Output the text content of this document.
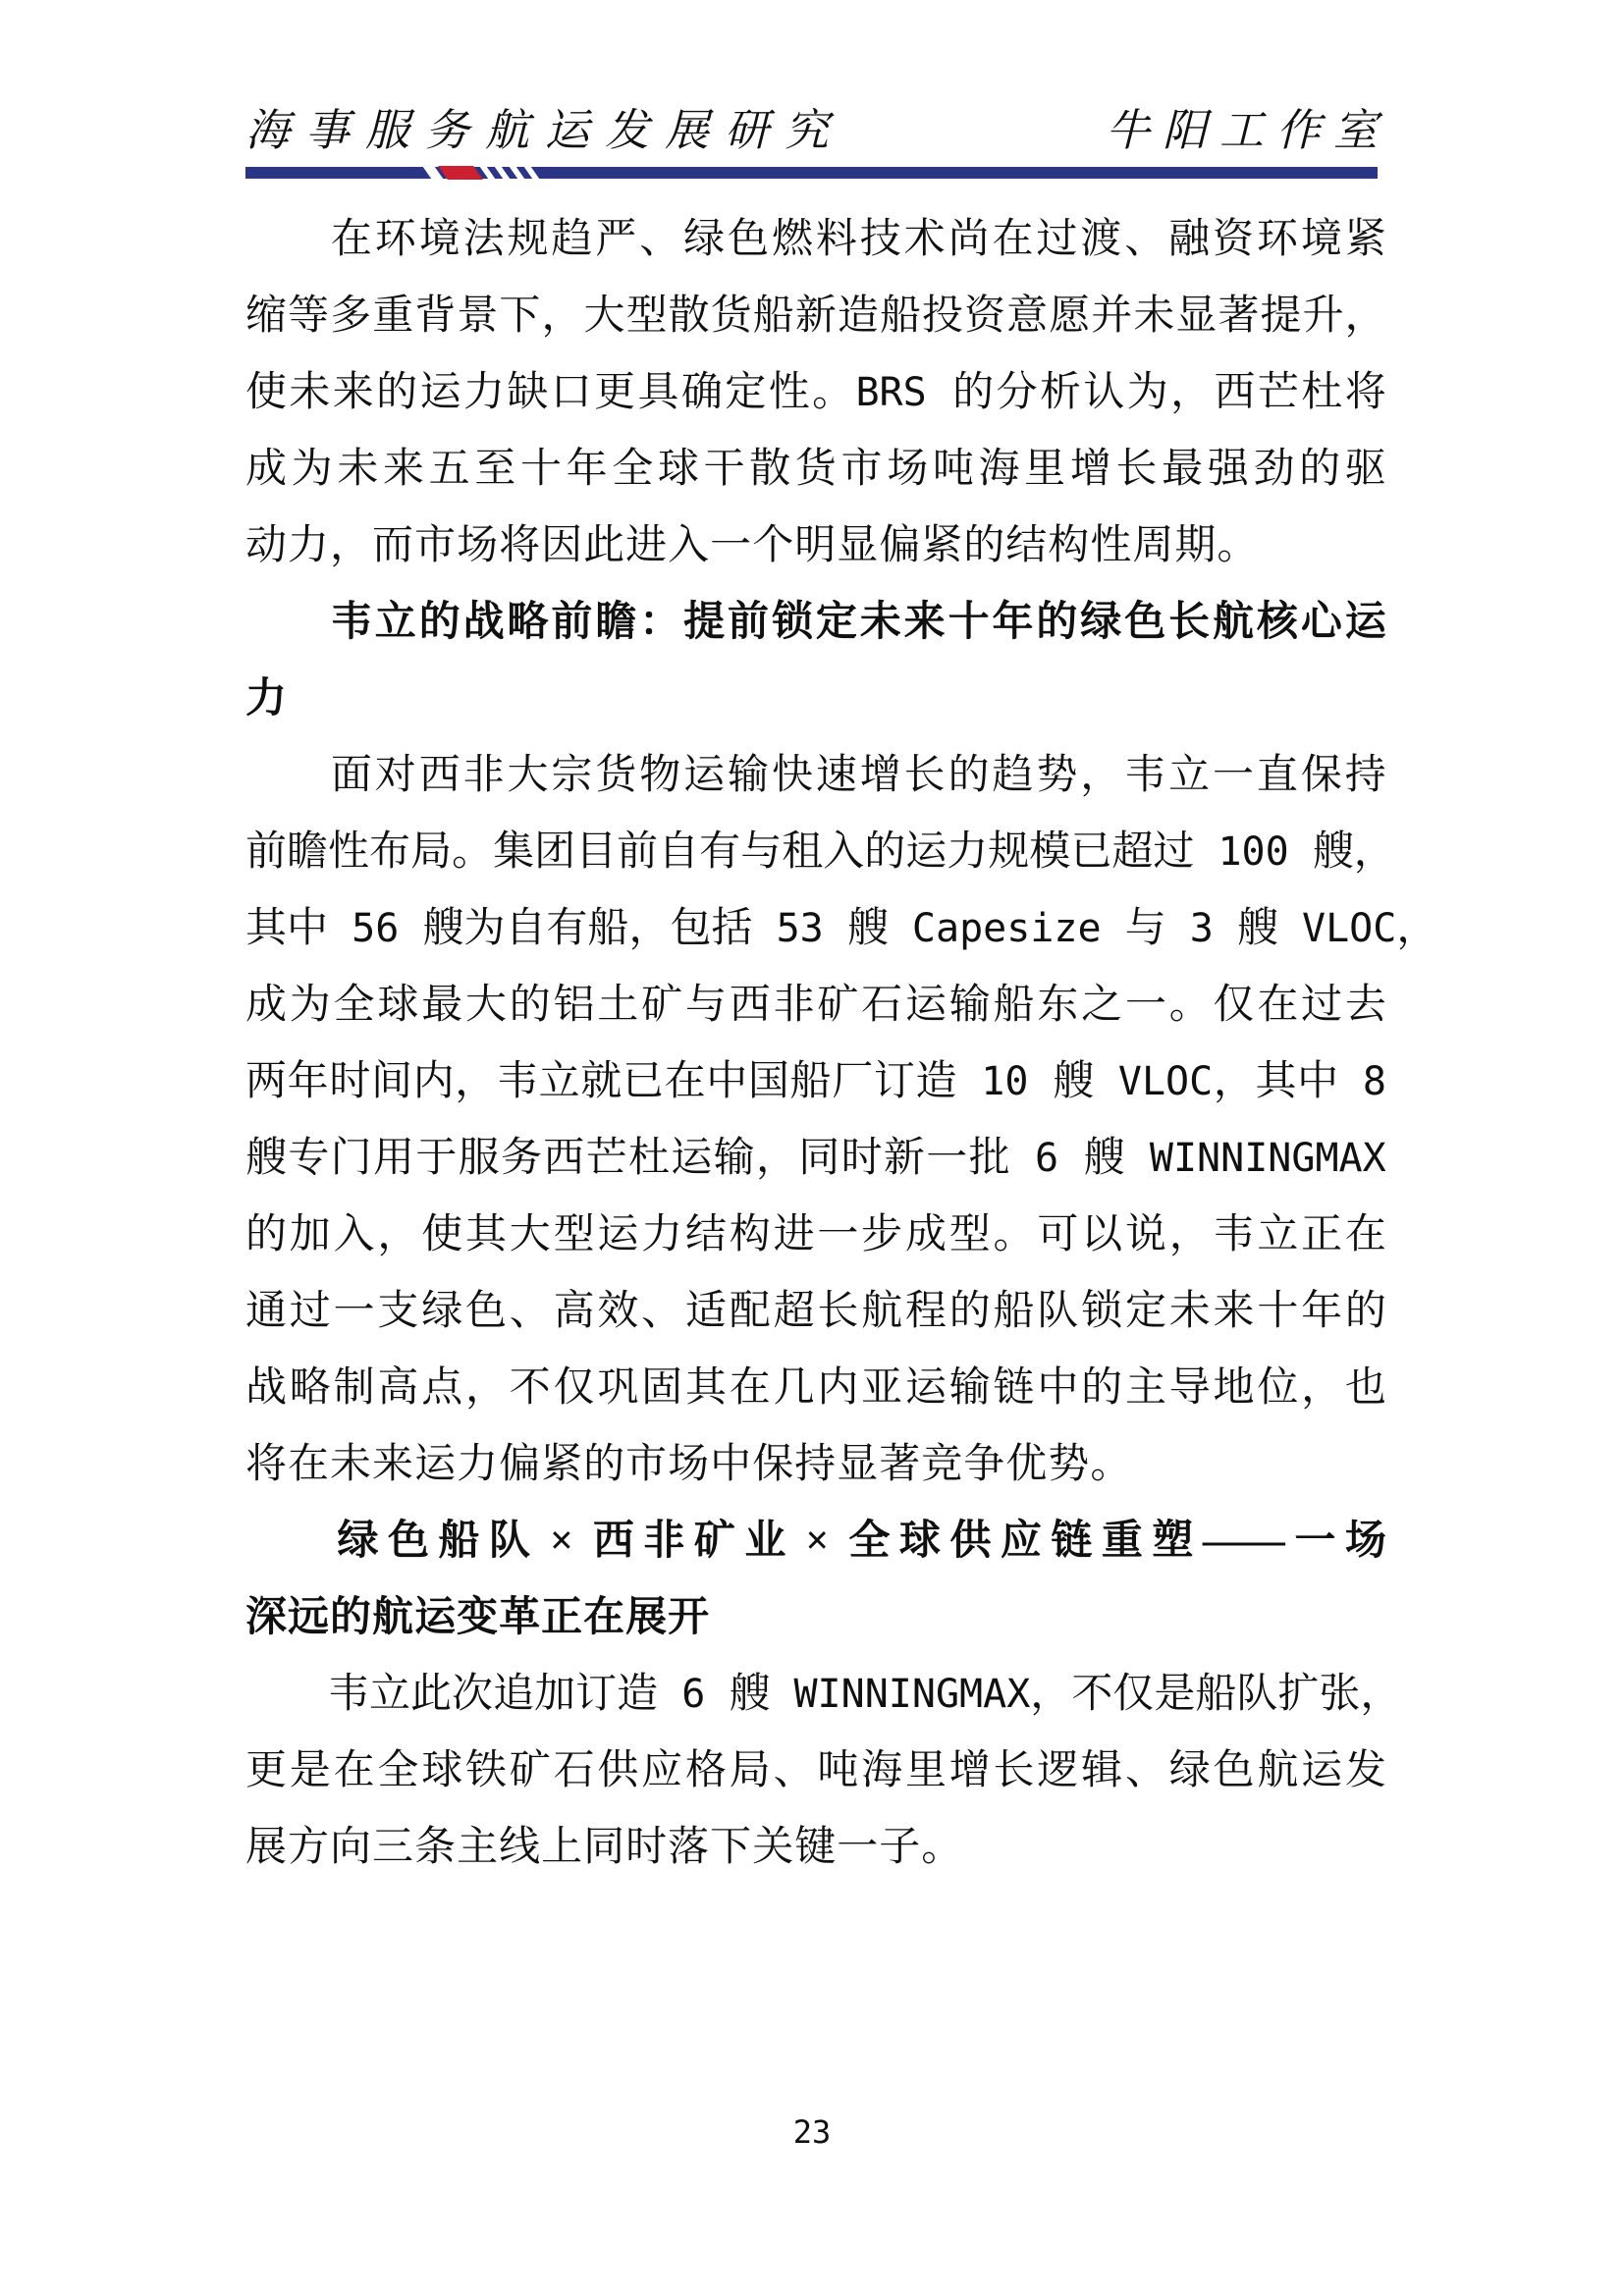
海事服务航运发展研究	牛阳工作室
在 环 境 法 规 趋 严 、 绿 色 燃 料 技 术 尚 在 过 渡 、 融 资 环 境 紧
缩 等 多 重 背 景 下 ， 大 型 散 货 船 新 造 船 投 资 意 愿 并 未 显 著 提 升 ，
使 未 来 的 运 力 缺 口 更 具 确 定 性 。 BRS 的 分 析 认 为 ， 西 芒 杜 将
成 为 未 来 五 至 十 年 全 球 干 散 货 市 场 吨 海 里 增 长 最 强 劲 的 驱
动 力 ， 而 市 场 将 因 此 进 入 一 个 明 显 偏 紧 的 结 构 性 周 期 。
韦 立 的 战 略 前 瞻 ： 提 前 锁 定 未 来 十 年 的 绿 色 长 航 核 心 运
力
面 对 西 非 大 宗 货 物 运 输 快 速 增 长 的 趋 势 ， 韦 立 一 直 保 持
前 瞻 性 布 局 。 集 团 目 前 自 有 与 租 入 的 运 力 规 模 已 超 过 100 艘 ，
其 中 56 艘 为 自 有 船 ， 包 括 53 艘 Capesize 与 3 艘 VLOC ，
成 为 全 球 最 大 的 铝 土 矿 与 西 非 矿 石 运 输 船 东 之 一 。 仅 在 过 去
两 年 时 间 内 ， 韦 立 就 已 在 中 国 船 厂 订 造 10 艘 VLOC ， 其 中 8
艘 专 门 用 于 服 务 西 芒 杜 运 输 ， 同 时 新 一 批 6 艘 WINNINGMAX
的 加 入 ， 使 其 大 型 运 力 结 构 进 一 步 成 型 。 可 以 说 ， 韦 立 正 在
通 过 一 支 绿 色 、 高 效 、 适 配 超 长 航 程 的 船 队 锁 定 未 来 十 年 的
战 略 制 高 点 ， 不 仅 巩 固 其 在 几 内 亚 运 输 链 中 的 主 导 地 位 ， 也
将 在 未 来 运 力 偏 紧 的 市 场 中 保 持 显 著 竞 争 优 势 。
绿 色 船 队 × 西 非 矿 业 × 全 球 供 应 链 重 塑 —— 一 场
深 远 的 航 运 变 革 正 在 展 开
韦 立 此 次 追 加 订 造 6 艘 WINNINGMAX ， 不 仅 是 船 队 扩 张 ，
更 是 在 全 球 铁 矿 石 供 应 格 局 、 吨 海 里 增 长 逻 辑 、 绿 色 航 运 发
展 方 向 三 条 主 线 上 同 时 落 下 关 键 一 子 。
23
